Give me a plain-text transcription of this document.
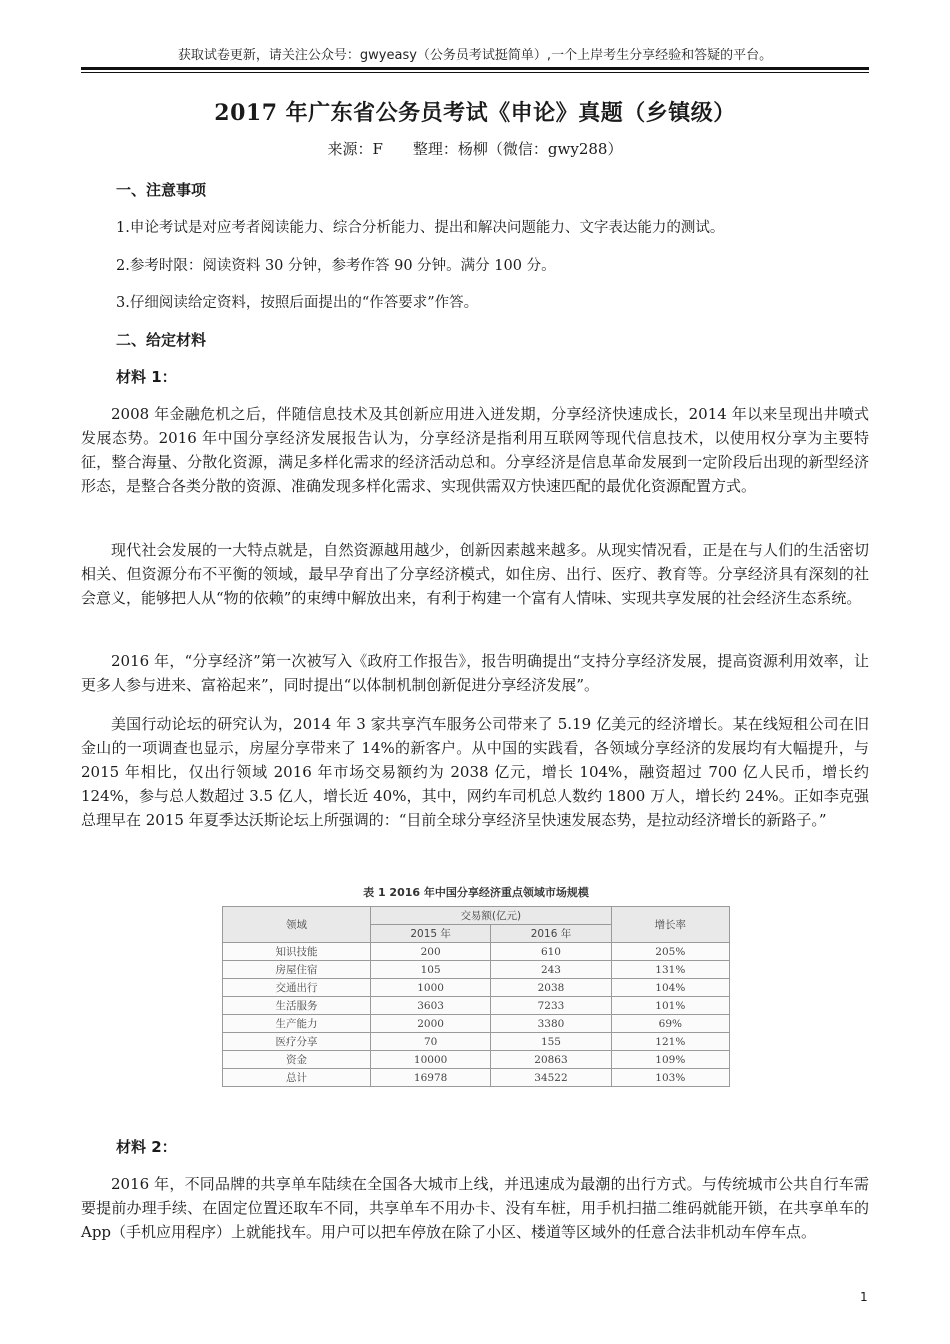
获取试卷更新，请关注公众号：gwyeasy（公务员考试挺简单）,一个上岸考生分享经验和答疑的平台。
2017 年广东省公务员考试《申论》真题（乡镇级）
来源：F 整理：杨柳（微信：gwy288）
一、注意事项
1.申论考试是对应考者阅读能力、综合分析能力、提出和解决问题能力、文字表达能力的测试。
2.参考时限：阅读资料 30 分钟，参考作答 90 分钟。满分 100 分。
3.仔细阅读给定资料，按照后面提出的“作答要求”作答。
二、给定材料
材料 1：

2008 年金融危机之后，伴随信息技术及其创新应用进入迸发期，分享经济快速成长，2014 年以来呈现出井喷式发展态势。2016 年中国分享经济发展报告认为，分享经济是指利用互联网等现代信息技术，以使用权分享为主要特征，整合海量、分散化资源，满足多样化需求的经济活动总和。分享经济是信息革命发展到一定阶段后出现的新型经济形态，是整合各类分散的资源、准确发现多样化需求、实现供需双方快速匹配的最优化资源配置方式。

现代社会发展的一大特点就是，自然资源越用越少，创新因素越来越多。从现实情况看，正是在与人们的生活密切相关、但资源分布不平衡的领域，最早孕育出了分享经济模式，如住房、出行、医疗、教育等。分享经济具有深刻的社会意义，能够把人从“物的依赖”的束缚中解放出来，有利于构建一个富有人情味、实现共享发展的社会经济生态系统。

2016 年，“分享经济”第一次被写入《政府工作报告》，报告明确提出“支持分享经济发展，提高资源利用效率，让更多人参与进来、富裕起来”，同时提出“以体制机制创新促进分享经济发展”。

美国行动论坛的研究认为，2014 年 3 家共享汽车服务公司带来了 5.19 亿美元的经济增长。某在线短租公司在旧金山的一项调查也显示，房屋分享带来了 14%的新客户。从中国的实践看，各领域分享经济的发展均有大幅提升，与 2015 年相比，仅出行领域 2016 年市场交易额约为 2038 亿元，增长 104%，融资超过 700 亿人民币，增长约 124%，参与总人数超过 3.5 亿人，增长近 40%，其中，网约车司机总人数约 1800 万人，增长约 24%。正如李克强总理早在 2015 年夏季达沃斯论坛上所强调的：“目前全球分享经济呈快速发展态势，是拉动经济增长的新路子。”

表 1 2016 年中国分享经济重点领域市场规模
领域	交易额(亿元)		增长率
	2015 年	2016 年	
知识技能	200	610	205%
房屋住宿	105	243	131%
交通出行	1000	2038	104%
生活服务	3603	7233	101%
生产能力	2000	3380	69%
医疗分享	70	155	121%
资金	10000	20863	109%
总计	16978	34522	103%
材料 2：

2016 年，不同品牌的共享单车陆续在全国各大城市上线，并迅速成为最潮的出行方式。与传统城市公共自行车需要提前办理手续、在固定位置还取车不同，共享单车不用办卡、没有车桩，用手机扫描二维码就能开锁，在共享单车的 App（手机应用程序）上就能找车。用户可以把车停放在除了小区、楼道等区域外的任意合法非机动车停车点。

1
